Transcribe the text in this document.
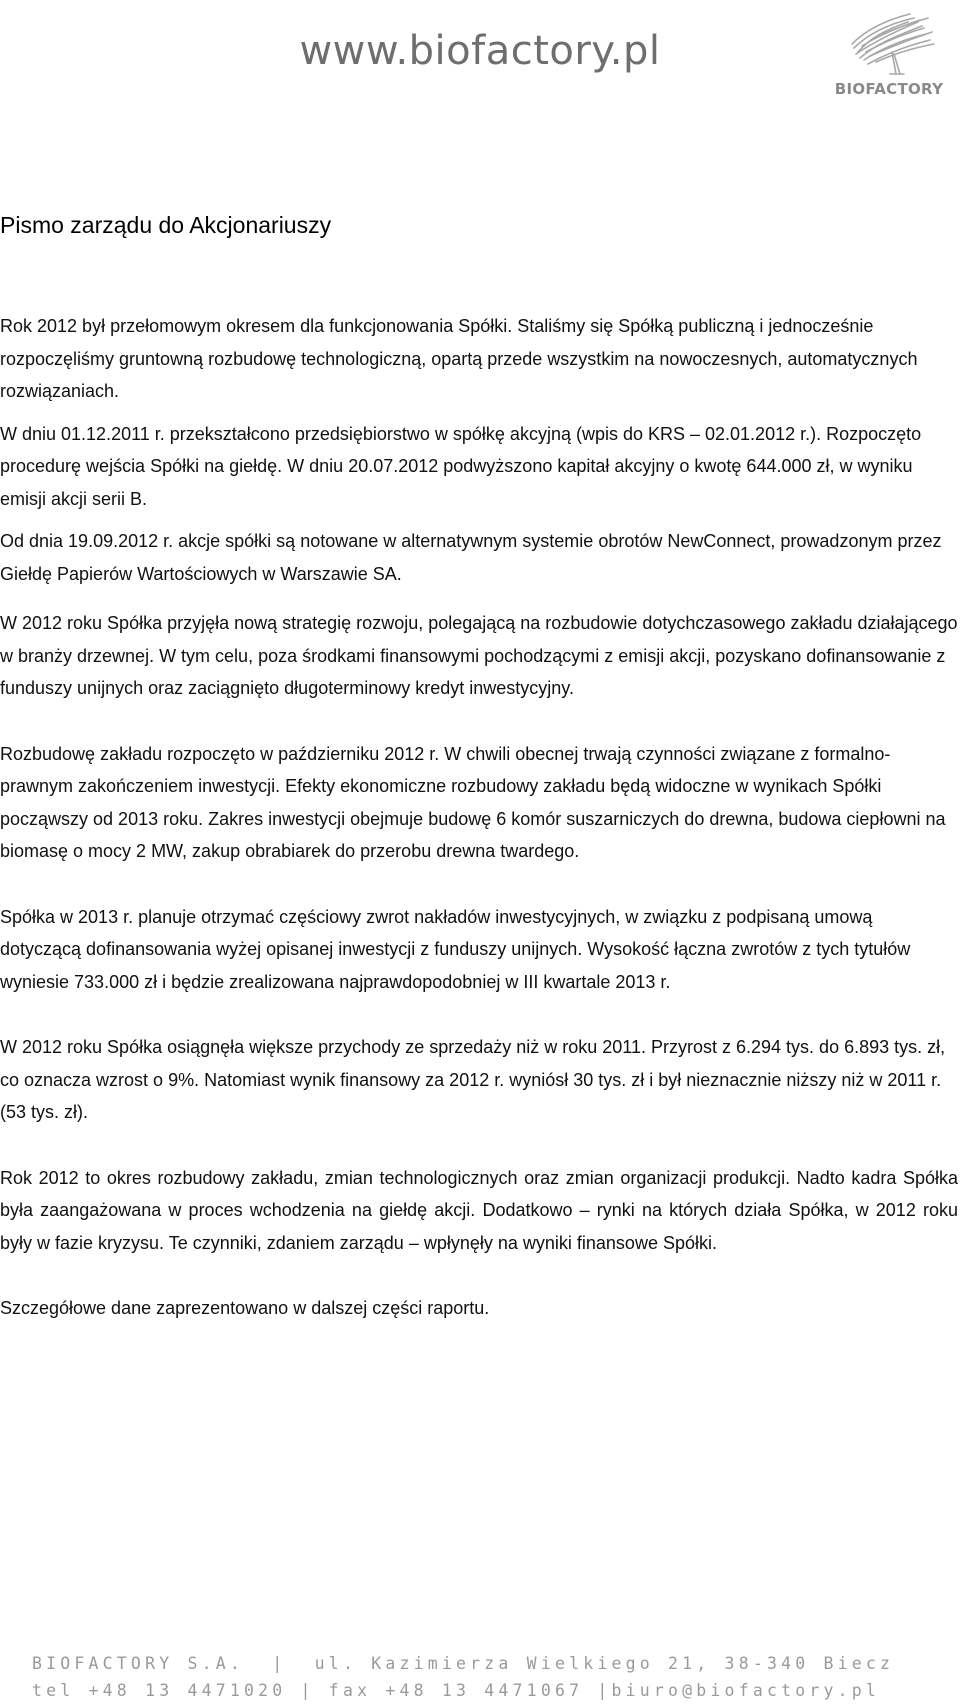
www.biofactory.pl
BIOFACTORY
Pismo zarządu do Akcjonariuszy

Rok 2012 był przełomowym okresem dla funkcjonowania Spółki. Staliśmy się Spółką publiczną i jednocześnie rozpoczęliśmy gruntowną rozbudowę technologiczną, opartą przede wszystkim na nowoczesnych, automatycznych rozwiązaniach.

W dniu 01.12.2011 r. przekształcono przedsiębiorstwo w spółkę akcyjną (wpis do KRS – 02.01.2012 r.). Rozpoczęto procedurę wejścia Spółki na giełdę. W dniu 20.07.2012 podwyższono kapitał akcyjny o kwotę 644.000 zł, w wyniku emisji akcji serii B.

Od dnia 19.09.2012 r. akcje spółki są notowane w alternatywnym systemie obrotów NewConnect, prowadzonym przez Giełdę Papierów Wartościowych w Warszawie SA.

W 2012 roku Spółka przyjęła nową strategię rozwoju, polegającą na rozbudowie dotychczasowego zakładu działającego w branży drzewnej. W tym celu, poza środkami finansowymi pochodzącymi z emisji akcji, pozyskano dofinansowanie z funduszy unijnych oraz zaciągnięto długoterminowy kredyt inwestycyjny.

Rozbudowę zakładu rozpoczęto w październiku 2012 r. W chwili obecnej trwają czynności związane z formalno-prawnym zakończeniem inwestycji. Efekty ekonomiczne rozbudowy zakładu będą widoczne w wynikach Spółki począwszy od 2013 roku. Zakres inwestycji obejmuje budowę 6 komór suszarniczych do drewna, budowa ciepłowni na biomasę o mocy 2 MW, zakup obrabiarek do przerobu drewna twardego.

Spółka w 2013 r. planuje otrzymać częściowy zwrot nakładów inwestycyjnych, w związku z podpisaną umową dotyczącą dofinansowania wyżej opisanej inwestycji z funduszy unijnych. Wysokość łączna zwrotów z tych tytułów wyniesie 733.000 zł i będzie zrealizowana najprawdopodobniej w III kwartale 2013 r.

W 2012 roku Spółka osiągnęła większe przychody ze sprzedaży niż w roku 2011. Przyrost z 6.294 tys. do 6.893 tys. zł, co oznacza wzrost o 9%. Natomiast wynik finansowy za 2012 r. wyniósł 30 tys. zł i był nieznacznie niższy niż w 2011 r. (53 tys. zł).

Rok 2012 to okres rozbudowy zakładu, zmian technologicznych oraz zmian organizacji produkcji. Nadto kadra Spółka była zaangażowana w proces wchodzenia na giełdę akcji. Dodatkowo – rynki na których działa Spółka, w 2012 roku były w fazie kryzysu. Te czynniki, zdaniem zarządu – wpłynęły na wyniki finansowe Spółki.

Szczegółowe dane zaprezentowano w dalszej części raportu.

BIOFACTORY S.A.  |  ul. Kazimierza Wielkiego 21, 38-340 Biecz
tel +48 13 4471020 | fax +48 13 4471067 |biuro@biofactory.pl
